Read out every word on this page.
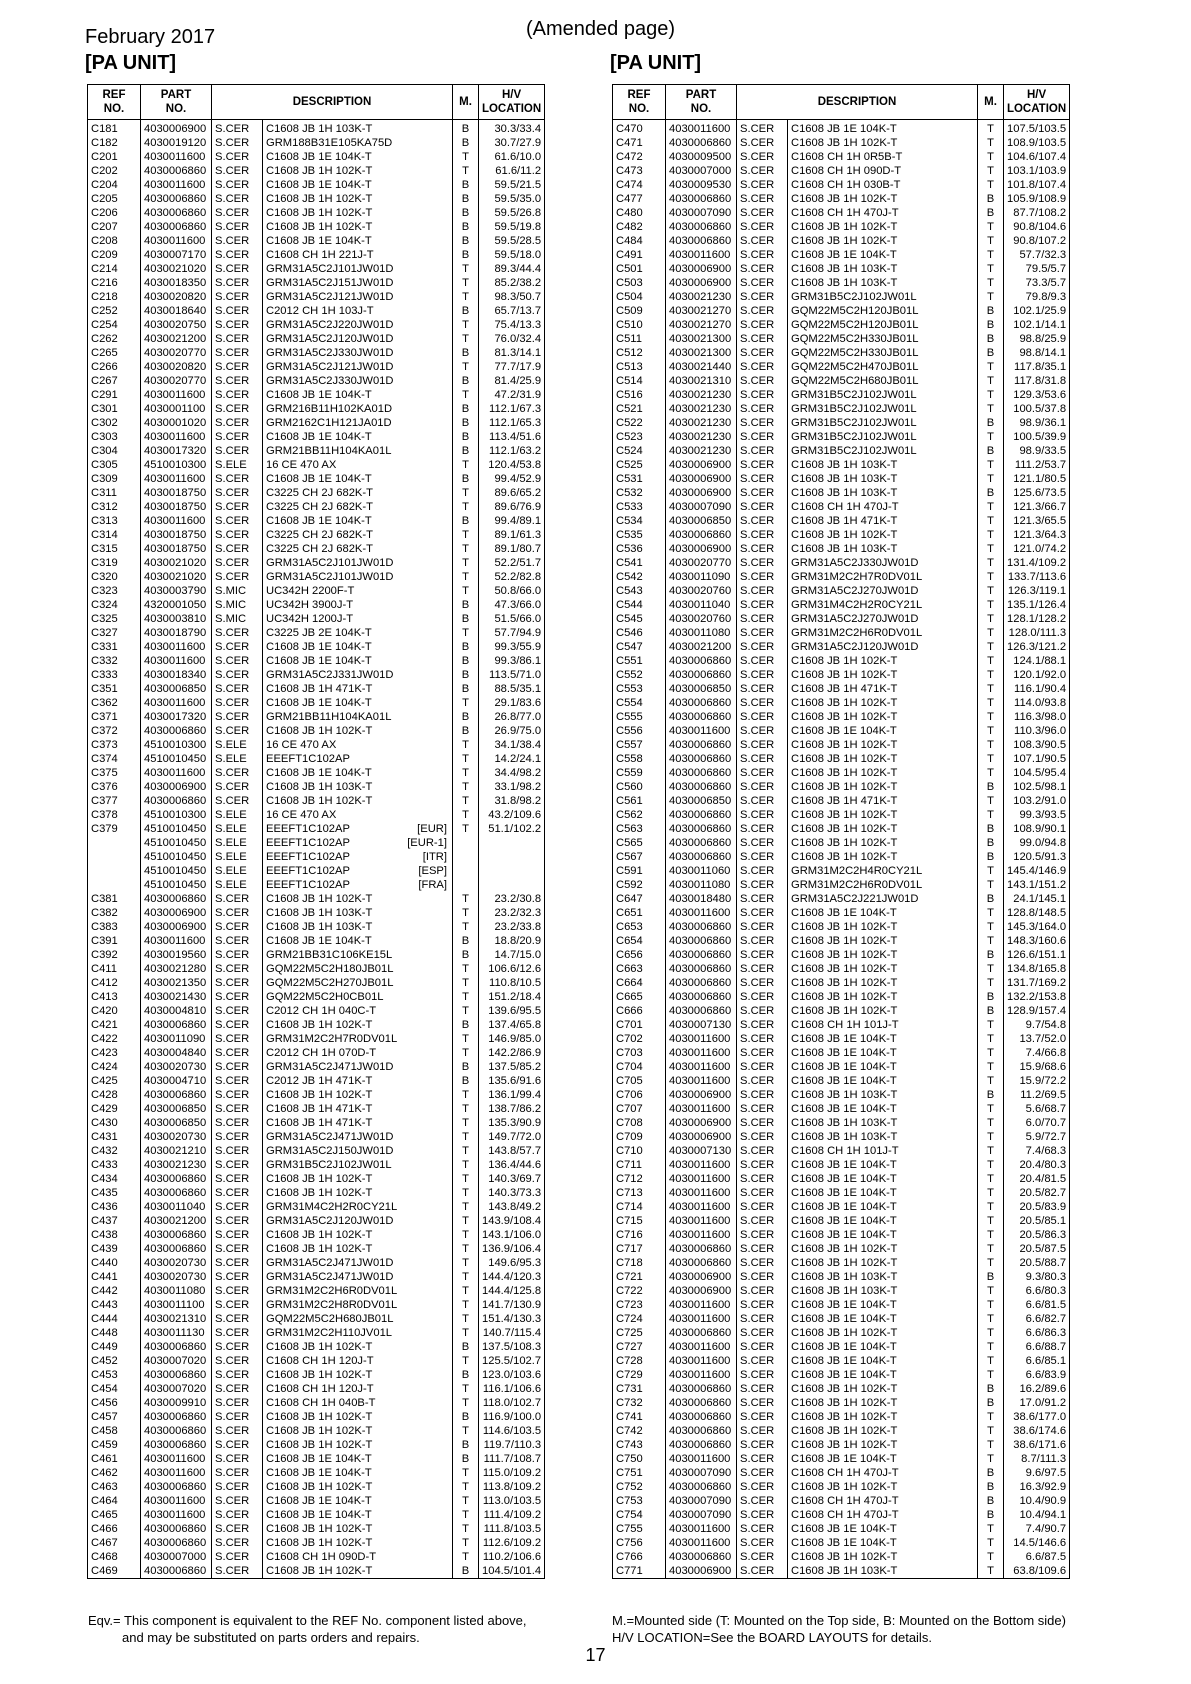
February 2017	(Amended page)
[PA UNIT]	[PA UNIT]
REF
NO.	PART
NO.	DESCRIPTION		M.	H/V
LOCATION
C181	4030006900	S.CER	C1608 JB 1H 103K-T	B	30.3/33.4
C182	4030019120	S.CER	GRM188B31E105KA75D	B	30.7/27.9
C201	4030011600	S.CER	C1608 JB 1E 104K-T	T	61.6/10.0
C202	4030006860	S.CER	C1608 JB 1H 102K-T	T	61.6/11.2
C204	4030011600	S.CER	C1608 JB 1E 104K-T	B	59.5/21.5
C205	4030006860	S.CER	C1608 JB 1H 102K-T	B	59.5/35.0
C206	4030006860	S.CER	C1608 JB 1H 102K-T	B	59.5/26.8
C207	4030006860	S.CER	C1608 JB 1H 102K-T	B	59.5/19.8
C208	4030011600	S.CER	C1608 JB 1E 104K-T	B	59.5/28.5
C209	4030007170	S.CER	C1608 CH 1H 221J-T	B	59.5/18.0
C214	4030021020	S.CER	GRM31A5C2J101JW01D	T	89.3/44.4
C216	4030018350	S.CER	GRM31A5C2J151JW01D	T	85.2/38.2
C218	4030020820	S.CER	GRM31A5C2J121JW01D	T	98.3/50.7
C252	4030018640	S.CER	C2012 CH 1H 103J-T	B	65.7/13.7
C254	4030020750	S.CER	GRM31A5C2J220JW01D	T	75.4/13.3
C262	4030021200	S.CER	GRM31A5C2J120JW01D	T	76.0/32.4
C265	4030020770	S.CER	GRM31A5C2J330JW01D	B	81.3/14.1
C266	4030020820	S.CER	GRM31A5C2J121JW01D	T	77.7/17.9
C267	4030020770	S.CER	GRM31A5C2J330JW01D	B	81.4/25.9
C291	4030011600	S.CER	C1608 JB 1E 104K-T	T	47.2/31.9
C301	4030001100	S.CER	GRM216B11H102KA01D	B	112.1/67.3
C302	4030001020	S.CER	GRM2162C1H121JA01D	B	112.1/65.3
C303	4030011600	S.CER	C1608 JB 1E 104K-T	B	113.4/51.6
C304	4030017320	S.CER	GRM21BB11H104KA01L	B	112.1/63.2
C305	4510010300	S.ELE	16 CE 470 AX	T	120.4/53.8
C309	4030011600	S.CER	C1608 JB 1E 104K-T	B	99.4/52.9
C311	4030018750	S.CER	C3225 CH 2J 682K-T	T	89.6/65.2
C312	4030018750	S.CER	C3225 CH 2J 682K-T	T	89.6/76.9
C313	4030011600	S.CER	C1608 JB 1E 104K-T	B	99.4/89.1
C314	4030018750	S.CER	C3225 CH 2J 682K-T	T	89.1/61.3
C315	4030018750	S.CER	C3225 CH 2J 682K-T	T	89.1/80.7
C319	4030021020	S.CER	GRM31A5C2J101JW01D	T	52.2/51.7
C320	4030021020	S.CER	GRM31A5C2J101JW01D	T	52.2/82.8
C323	4030003790	S.MIC	UC342H 2200F-T	T	50.8/66.0
C324	4320001050	S.MIC	UC342H 3900J-T	B	47.3/66.0
C325	4030003810	S.MIC	UC342H 1200J-T	B	51.5/66.0
C327	4030018790	S.CER	C3225 JB 2E 104K-T	T	57.7/94.9
C331	4030011600	S.CER	C1608 JB 1E 104K-T	B	99.3/55.9
C332	4030011600	S.CER	C1608 JB 1E 104K-T	B	99.3/86.1
C333	4030018340	S.CER	GRM31A5C2J331JW01D	B	113.5/71.0
C351	4030006850	S.CER	C1608 JB 1H 471K-T	B	88.5/35.1
C362	4030011600	S.CER	C1608 JB 1E 104K-T	T	29.1/83.6
C371	4030017320	S.CER	GRM21BB11H104KA01L	B	26.8/77.0
C372	4030006860	S.CER	C1608 JB 1H 102K-T	B	26.9/75.0
C373	4510010300	S.ELE	16 CE 470 AX	T	34.1/38.4
C374	4510010450	S.ELE	EEEFT1C102AP	T	14.2/24.1
C375	4030011600	S.CER	C1608 JB 1E 104K-T	T	34.4/98.2
C376	4030006900	S.CER	C1608 JB 1H 103K-T	T	33.1/98.2
C377	4030006860	S.CER	C1608 JB 1H 102K-T	T	31.8/98.2
C378	4510010300	S.ELE	16 CE 470 AX	T	43.2/109.6
C379	4510010450	S.ELE	EEEFT1C102AP [EUR]	T	51.1/102.2
	4510010450	S.ELE	EEEFT1C102AP [EUR-1]		

	4510010450	S.ELE	EEEFT1C102AP [ITR]		

	4510010450	S.ELE	EEEFT1C102AP [ESP]		

	4510010450	S.ELE	EEEFT1C102AP [FRA]		

C381	4030006860	S.CER	C1608 JB 1H 102K-T	T	23.2/30.8
C382	4030006900	S.CER	C1608 JB 1H 103K-T	T	23.2/32.3
C383	4030006900	S.CER	C1608 JB 1H 103K-T	T	23.2/33.8
C391	4030011600	S.CER	C1608 JB 1E 104K-T	B	18.8/20.9
C392	4030019560	S.CER	GRM21BB31C106KE15L	B	14.7/15.0
C411	4030021280	S.CER	GQM22M5C2H180JB01L	T	106.6/12.6
C412	4030021350	S.CER	GQM22M5C2H270JB01L	T	110.8/10.5
C413	4030021430	S.CER	GQM22M5C2H0CB01L	T	151.2/18.4
C420	4030004810	S.CER	C2012 CH 1H 040C-T	T	139.6/95.5
C421	4030006860	S.CER	C1608 JB 1H 102K-T	B	137.4/65.8
C422	4030011090	S.CER	GRM31M2C2H7R0DV01L	T	146.9/85.0
C423	4030004840	S.CER	C2012 CH 1H 070D-T	T	142.2/86.9
C424	4030020730	S.CER	GRM31A5C2J471JW01D	B	137.5/85.2
C425	4030004710	S.CER	C2012 JB 1H 471K-T	B	135.6/91.6
C428	4030006860	S.CER	C1608 JB 1H 102K-T	T	136.1/99.4
C429	4030006850	S.CER	C1608 JB 1H 471K-T	T	138.7/86.2
C430	4030006850	S.CER	C1608 JB 1H 471K-T	T	135.3/90.9
C431	4030020730	S.CER	GRM31A5C2J471JW01D	T	149.7/72.0
C432	4030021210	S.CER	GRM31A5C2J150JW01D	T	143.8/57.7
C433	4030021230	S.CER	GRM31B5C2J102JW01L	T	136.4/44.6
C434	4030006860	S.CER	C1608 JB 1H 102K-T	T	140.3/69.7
C435	4030006860	S.CER	C1608 JB 1H 102K-T	T	140.3/73.3
C436	4030011040	S.CER	GRM31M4C2H2R0CY21L	T	143.8/49.2
C437	4030021200	S.CER	GRM31A5C2J120JW01D	T	143.9/108.4
C438	4030006860	S.CER	C1608 JB 1H 102K-T	T	143.1/106.0
C439	4030006860	S.CER	C1608 JB 1H 102K-T	T	136.9/106.4
C440	4030020730	S.CER	GRM31A5C2J471JW01D	T	149.6/95.3
C441	4030020730	S.CER	GRM31A5C2J471JW01D	T	144.4/120.3
C442	4030011080	S.CER	GRM31M2C2H6R0DV01L	T	144.4/125.8
C443	4030011100	S.CER	GRM31M2C2H8R0DV01L	T	141.7/130.9
C444	4030021310	S.CER	GQM22M5C2H680JB01L	T	151.4/130.3
C448	4030011130	S.CER	GRM31M2C2H110JV01L	T	140.7/115.4
C449	4030006860	S.CER	C1608 JB 1H 102K-T	B	137.5/108.3
C452	4030007020	S.CER	C1608 CH 1H 120J-T	T	125.5/102.7
C453	4030006860	S.CER	C1608 JB 1H 102K-T	B	123.0/103.6
C454	4030007020	S.CER	C1608 CH 1H 120J-T	T	116.1/106.6
C456	4030009910	S.CER	C1608 CH 1H 040B-T	T	118.0/102.7
C457	4030006860	S.CER	C1608 JB 1H 102K-T	B	116.9/100.0
C458	4030006860	S.CER	C1608 JB 1H 102K-T	T	114.6/103.5
C459	4030006860	S.CER	C1608 JB 1H 102K-T	B	119.7/110.3
C461	4030011600	S.CER	C1608 JB 1E 104K-T	B	111.7/108.7
C462	4030011600	S.CER	C1608 JB 1E 104K-T	T	115.0/109.2
C463	4030006860	S.CER	C1608 JB 1H 102K-T	T	113.8/109.2
C464	4030011600	S.CER	C1608 JB 1E 104K-T	T	113.0/103.5
C465	4030011600	S.CER	C1608 JB 1E 104K-T	T	111.4/109.2
C466	4030006860	S.CER	C1608 JB 1H 102K-T	T	111.8/103.5
C467	4030006860	S.CER	C1608 JB 1H 102K-T	T	112.6/109.2
C468	4030007000	S.CER	C1608 CH 1H 090D-T	T	110.2/106.6
C469	4030006860	S.CER	C1608 JB 1H 102K-T	B	104.5/101.4
REF
NO.	PART
NO.	DESCRIPTION		M.	H/V
LOCATION
C470	4030011600	S.CER	C1608 JB 1E 104K-T	T	107.5/103.5
C471	4030006860	S.CER	C1608 JB 1H 102K-T	T	108.9/103.5
C472	4030009500	S.CER	C1608 CH 1H 0R5B-T	T	104.6/107.4
C473	4030007000	S.CER	C1608 CH 1H 090D-T	T	103.1/103.9
C474	4030009530	S.CER	C1608 CH 1H 030B-T	T	101.8/107.4
C477	4030006860	S.CER	C1608 JB 1H 102K-T	B	105.9/108.9
C480	4030007090	S.CER	C1608 CH 1H 470J-T	B	87.7/108.2
C482	4030006860	S.CER	C1608 JB 1H 102K-T	T	90.8/104.6
C484	4030006860	S.CER	C1608 JB 1H 102K-T	T	90.8/107.2
C491	4030011600	S.CER	C1608 JB 1E 104K-T	T	57.7/32.3
C501	4030006900	S.CER	C1608 JB 1H 103K-T	T	79.5/5.7
C503	4030006900	S.CER	C1608 JB 1H 103K-T	T	73.3/5.7
C504	4030021230	S.CER	GRM31B5C2J102JW01L	T	79.8/9.3
C509	4030021270	S.CER	GQM22M5C2H120JB01L	B	102.1/25.9
C510	4030021270	S.CER	GQM22M5C2H120JB01L	B	102.1/14.1
C511	4030021300	S.CER	GQM22M5C2H330JB01L	B	98.8/25.9
C512	4030021300	S.CER	GQM22M5C2H330JB01L	B	98.8/14.1
C513	4030021440	S.CER	GQM22M5C2H470JB01L	T	117.8/35.1
C514	4030021310	S.CER	GQM22M5C2H680JB01L	T	117.8/31.8
C516	4030021230	S.CER	GRM31B5C2J102JW01L	T	129.3/53.6
C521	4030021230	S.CER	GRM31B5C2J102JW01L	T	100.5/37.8
C522	4030021230	S.CER	GRM31B5C2J102JW01L	B	98.9/36.1
C523	4030021230	S.CER	GRM31B5C2J102JW01L	T	100.5/39.9
C524	4030021230	S.CER	GRM31B5C2J102JW01L	B	98.9/33.5
C525	4030006900	S.CER	C1608 JB 1H 103K-T	T	111.2/53.7
C531	4030006900	S.CER	C1608 JB 1H 103K-T	T	121.1/80.5
C532	4030006900	S.CER	C1608 JB 1H 103K-T	B	125.6/73.5
C533	4030007090	S.CER	C1608 CH 1H 470J-T	T	121.3/66.7
C534	4030006850	S.CER	C1608 JB 1H 471K-T	T	121.3/65.5
C535	4030006860	S.CER	C1608 JB 1H 102K-T	T	121.3/64.3
C536	4030006900	S.CER	C1608 JB 1H 103K-T	T	121.0/74.2
C541	4030020770	S.CER	GRM31A5C2J330JW01D	T	131.4/109.2
C542	4030011090	S.CER	GRM31M2C2H7R0DV01L	T	133.7/113.6
C543	4030020760	S.CER	GRM31A5C2J270JW01D	T	126.3/119.1
C544	4030011040	S.CER	GRM31M4C2H2R0CY21L	T	135.1/126.4
C545	4030020760	S.CER	GRM31A5C2J270JW01D	T	128.1/128.2
C546	4030011080	S.CER	GRM31M2C2H6R0DV01L	T	128.0/111.3
C547	4030021200	S.CER	GRM31A5C2J120JW01D	T	126.3/121.2
C551	4030006860	S.CER	C1608 JB 1H 102K-T	T	124.1/88.1
C552	4030006860	S.CER	C1608 JB 1H 102K-T	T	120.1/92.0
C553	4030006850	S.CER	C1608 JB 1H 471K-T	T	116.1/90.4
C554	4030006860	S.CER	C1608 JB 1H 102K-T	T	114.0/93.8
C555	4030006860	S.CER	C1608 JB 1H 102K-T	T	116.3/98.0
C556	4030011600	S.CER	C1608 JB 1E 104K-T	T	110.3/96.0
C557	4030006860	S.CER	C1608 JB 1H 102K-T	T	108.3/90.5
C558	4030006860	S.CER	C1608 JB 1H 102K-T	T	107.1/90.5
C559	4030006860	S.CER	C1608 JB 1H 102K-T	T	104.5/95.4
C560	4030006860	S.CER	C1608 JB 1H 102K-T	B	102.5/98.1
C561	4030006850	S.CER	C1608 JB 1H 471K-T	T	103.2/91.0
C562	4030006860	S.CER	C1608 JB 1H 102K-T	T	99.3/93.5
C563	4030006860	S.CER	C1608 JB 1H 102K-T	B	108.9/90.1
C565	4030006860	S.CER	C1608 JB 1H 102K-T	B	99.0/94.8
C567	4030006860	S.CER	C1608 JB 1H 102K-T	B	120.5/91.3
C591	4030011060	S.CER	GRM31M2C2H4R0CY21L	T	145.4/146.9
C592	4030011080	S.CER	GRM31M2C2H6R0DV01L	T	143.1/151.2
C647	4030018480	S.CER	GRM31A5C2J221JW01D	B	24.1/145.1
C651	4030011600	S.CER	C1608 JB 1E 104K-T	T	128.8/148.5
C653	4030006860	S.CER	C1608 JB 1H 102K-T	T	145.3/164.0
C654	4030006860	S.CER	C1608 JB 1H 102K-T	T	148.3/160.6
C656	4030006860	S.CER	C1608 JB 1H 102K-T	B	126.6/151.1
C663	4030006860	S.CER	C1608 JB 1H 102K-T	T	134.8/165.8
C664	4030006860	S.CER	C1608 JB 1H 102K-T	T	131.7/169.2
C665	4030006860	S.CER	C1608 JB 1H 102K-T	B	132.2/153.8
C666	4030006860	S.CER	C1608 JB 1H 102K-T	B	128.9/157.4
C701	4030007130	S.CER	C1608 CH 1H 101J-T	T	9.7/54.8
C702	4030011600	S.CER	C1608 JB 1E 104K-T	T	13.7/52.0
C703	4030011600	S.CER	C1608 JB 1E 104K-T	T	7.4/66.8
C704	4030011600	S.CER	C1608 JB 1E 104K-T	T	15.9/68.6
C705	4030011600	S.CER	C1608 JB 1E 104K-T	T	15.9/72.2
C706	4030006900	S.CER	C1608 JB 1H 103K-T	B	11.2/69.5
C707	4030011600	S.CER	C1608 JB 1E 104K-T	T	5.6/68.7
C708	4030006900	S.CER	C1608 JB 1H 103K-T	T	6.0/70.7
C709	4030006900	S.CER	C1608 JB 1H 103K-T	T	5.9/72.7
C710	4030007130	S.CER	C1608 CH 1H 101J-T	T	7.4/68.3
C711	4030011600	S.CER	C1608 JB 1E 104K-T	T	20.4/80.3
C712	4030011600	S.CER	C1608 JB 1E 104K-T	T	20.4/81.5
C713	4030011600	S.CER	C1608 JB 1E 104K-T	T	20.5/82.7
C714	4030011600	S.CER	C1608 JB 1E 104K-T	T	20.5/83.9
C715	4030011600	S.CER	C1608 JB 1E 104K-T	T	20.5/85.1
C716	4030011600	S.CER	C1608 JB 1E 104K-T	T	20.5/86.3
C717	4030006860	S.CER	C1608 JB 1H 102K-T	T	20.5/87.5
C718	4030006860	S.CER	C1608 JB 1H 102K-T	T	20.5/88.7
C721	4030006900	S.CER	C1608 JB 1H 103K-T	B	9.3/80.3
C722	4030006900	S.CER	C1608 JB 1H 103K-T	T	6.6/80.3
C723	4030011600	S.CER	C1608 JB 1E 104K-T	T	6.6/81.5
C724	4030011600	S.CER	C1608 JB 1E 104K-T	T	6.6/82.7
C725	4030006860	S.CER	C1608 JB 1H 102K-T	T	6.6/86.3
C727	4030011600	S.CER	C1608 JB 1E 104K-T	T	6.6/88.7
C728	4030011600	S.CER	C1608 JB 1E 104K-T	T	6.6/85.1
C729	4030011600	S.CER	C1608 JB 1E 104K-T	T	6.6/83.9
C731	4030006860	S.CER	C1608 JB 1H 102K-T	B	16.2/89.6
C732	4030006860	S.CER	C1608 JB 1H 102K-T	B	17.0/91.2
C741	4030006860	S.CER	C1608 JB 1H 102K-T	T	38.6/177.0
C742	4030006860	S.CER	C1608 JB 1H 102K-T	T	38.6/174.6
C743	4030006860	S.CER	C1608 JB 1H 102K-T	T	38.6/171.6
C750	4030011600	S.CER	C1608 JB 1E 104K-T	T	8.7/111.3
C751	4030007090	S.CER	C1608 CH 1H 470J-T	B	9.6/97.5
C752	4030006860	S.CER	C1608 JB 1H 102K-T	B	16.3/92.9
C753	4030007090	S.CER	C1608 CH 1H 470J-T	B	10.4/90.9
C754	4030007090	S.CER	C1608 CH 1H 470J-T	B	10.4/94.1
C755	4030011600	S.CER	C1608 JB 1E 104K-T	T	7.4/90.7
C756	4030011600	S.CER	C1608 JB 1E 104K-T	T	14.5/146.6
C766	4030006860	S.CER	C1608 JB 1H 102K-T	T	6.6/87.5
C771	4030006900	S.CER	C1608 JB 1H 103K-T	T	63.8/109.6
Eqv.= This component is equivalent to the REF No. component listed above,
and may be substituted on parts orders and repairs.
M.=Mounted side (T: Mounted on the Top side, B: Mounted on the Bottom side)
H/V LOCATION=See the BOARD LAYOUTS for details.
17
